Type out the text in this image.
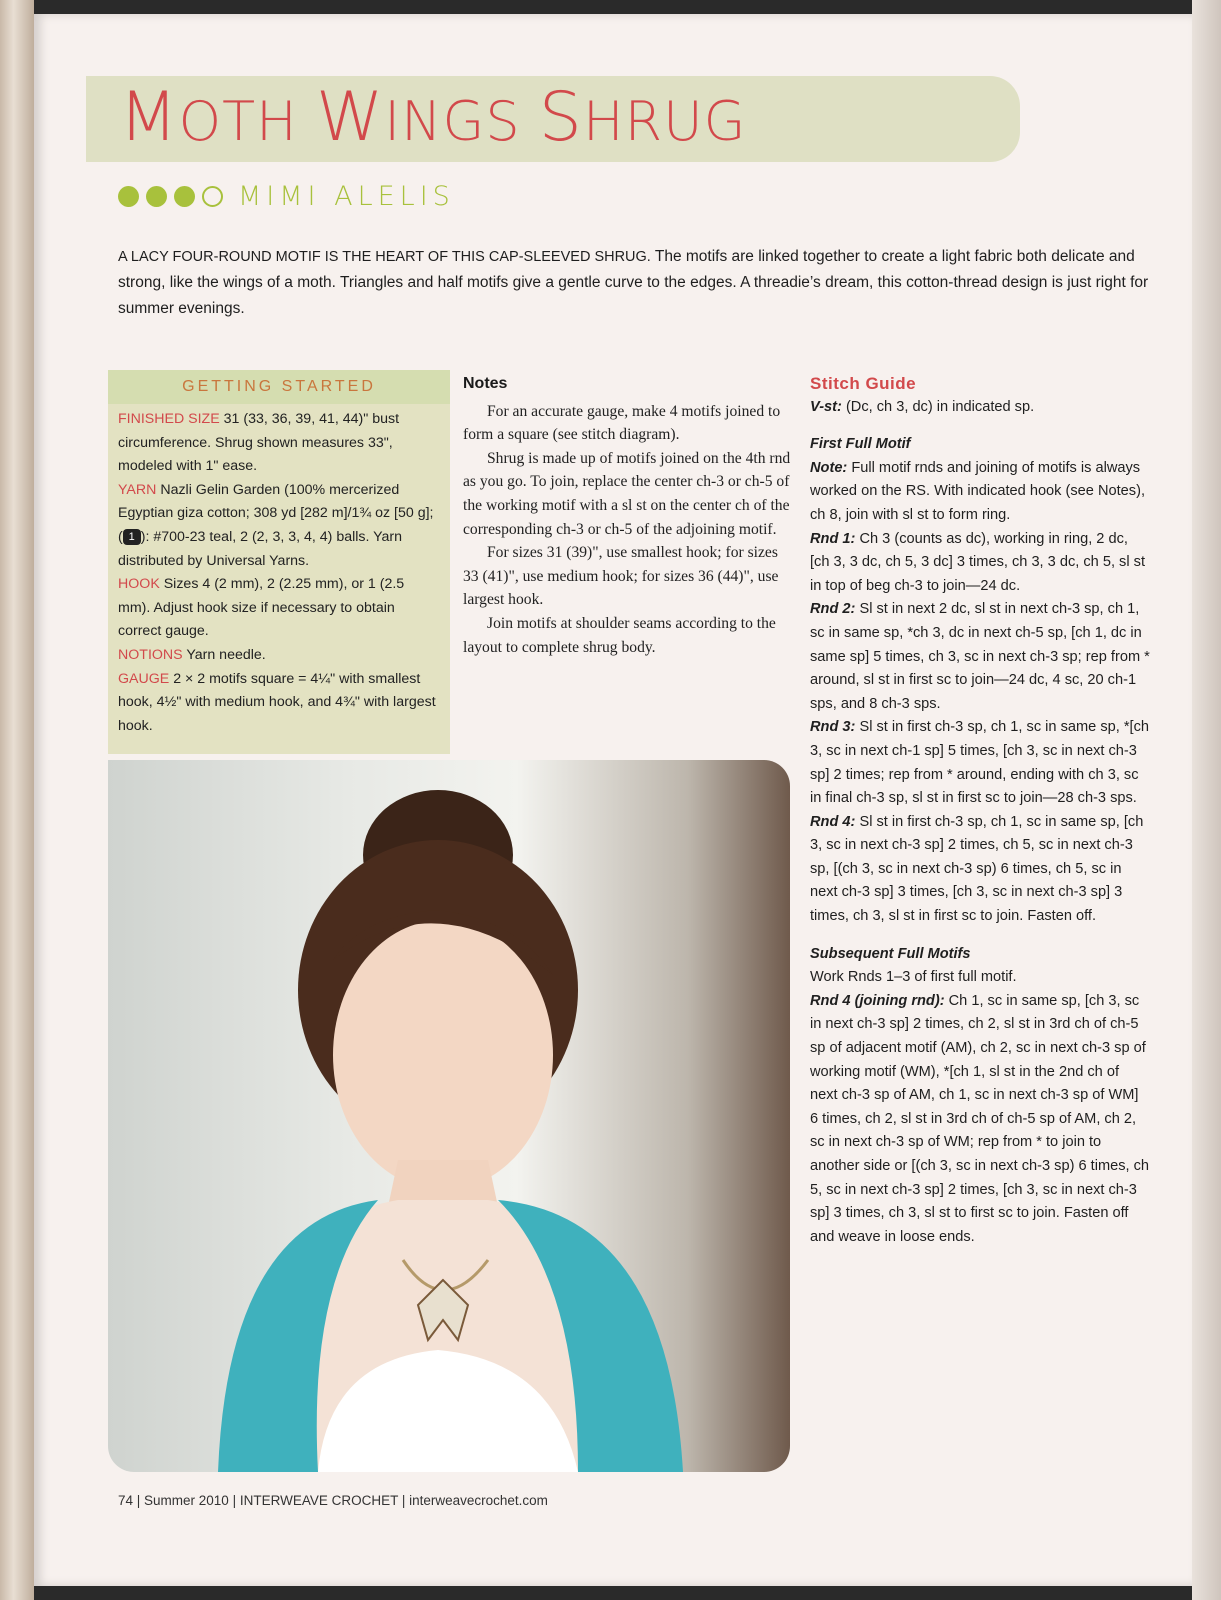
MOTH WINGS SHRUG
MIMI ALELIS
A LACY FOUR-ROUND MOTIF IS THE HEART OF THIS CAP-SLEEVED SHRUG. The motifs are linked together to create a light fabric both delicate and strong, like the wings of a moth. Triangles and half motifs give a gentle curve to the edges. A threadie’s dream, this cotton-thread design is just right for summer evenings.
GETTING STARTED
FINISHED SIZE 31 (33, 36, 39, 41, 44)" bust circumference. Shrug shown measures 33", modeled with 1" ease.
YARN Nazli Gelin Garden (100% mercerized Egyptian giza cotton; 308 yd [282 m]/1¾ oz [50 g]; ( 1 ): #700-23 teal, 2 (2, 3, 3, 4, 4) balls. Yarn distributed by Universal Yarns.
HOOK Sizes 4 (2 mm), 2 (2.25 mm), or 1 (2.5 mm). Adjust hook size if necessary to obtain correct gauge.
NOTIONS Yarn needle.
GAUGE 2 × 2 motifs square = 4¼" with smallest hook, 4½" with medium hook, and 4¾" with largest hook.
Notes

For an accurate gauge, make 4 motifs joined to form a square (see stitch diagram).

Shrug is made up of motifs joined on the 4th rnd as you go. To join, replace the center ch-3 or ch-5 of the working motif with a sl st on the center ch of the corresponding ch-3 or ch-5 of the adjoining motif.

For sizes 31 (39)", use smallest hook; for sizes 33 (41)", use medium hook; for sizes 36 (44)", use largest hook.

Join motifs at shoulder seams according to the layout to complete shrug body.

Stitch Guide

V-st: (Dc, ch 3, dc) in indicated sp.

First Full Motif

Note: Full motif rnds and joining of motifs is always worked on the RS. With indicated hook (see Notes), ch 8, join with sl st to form ring.

Rnd 1: Ch 3 (counts as dc), working in ring, 2 dc, [ch 3, 3 dc, ch 5, 3 dc] 3 times, ch 3, 3 dc, ch 5, sl st in top of beg ch-3 to join—24 dc.

Rnd 2: Sl st in next 2 dc, sl st in next ch-3 sp, ch 1, sc in same sp, *ch 3, dc in next ch-5 sp, [ch 1, dc in same sp] 5 times, ch 3, sc in next ch-3 sp; rep from * around, sl st in first sc to join—24 dc, 4 sc, 20 ch-1 sps, and 8 ch-3 sps.

Rnd 3: Sl st in first ch-3 sp, ch 1, sc in same sp, *[ch 3, sc in next ch-1 sp] 5 times, [ch 3, sc in next ch-3 sp] 2 times; rep from * around, ending with ch 3, sc in final ch-3 sp, sl st in first sc to join—28 ch-3 sps.

Rnd 4: Sl st in first ch-3 sp, ch 1, sc in same sp, [ch 3, sc in next ch-3 sp] 2 times, ch 5, sc in next ch-3 sp, [(ch 3, sc in next ch-3 sp) 6 times, ch 5, sc in next ch-3 sp] 3 times, [ch 3, sc in next ch-3 sp] 3 times, ch 3, sl st in first sc to join. Fasten off.

Subsequent Full Motifs

Work Rnds 1–3 of first full motif.

Rnd 4 (joining rnd): Ch 1, sc in same sp, [ch 3, sc in next ch-3 sp] 2 times, ch 2, sl st in 3rd ch of ch-5 sp of adjacent motif (AM), ch 2, sc in next ch-3 sp of working motif (WM), *[ch 1, sl st in the 2nd ch of next ch-3 sp of AM, ch 1, sc in next ch-3 sp of WM] 6 times, ch 2, sl st in 3rd ch of ch-5 sp of AM, ch 2, sc in next ch-3 sp of WM; rep from * to join to another side or [(ch 3, sc in next ch-3 sp) 6 times, ch 5, sc in next ch-3 sp] 2 times, [ch 3, sc in next ch-3 sp] 3 times, ch 3, sl st to first sc to join. Fasten off and weave in loose ends.

74 | Summer 2010 | INTERWEAVE CROCHET | interweavecrochet.com
